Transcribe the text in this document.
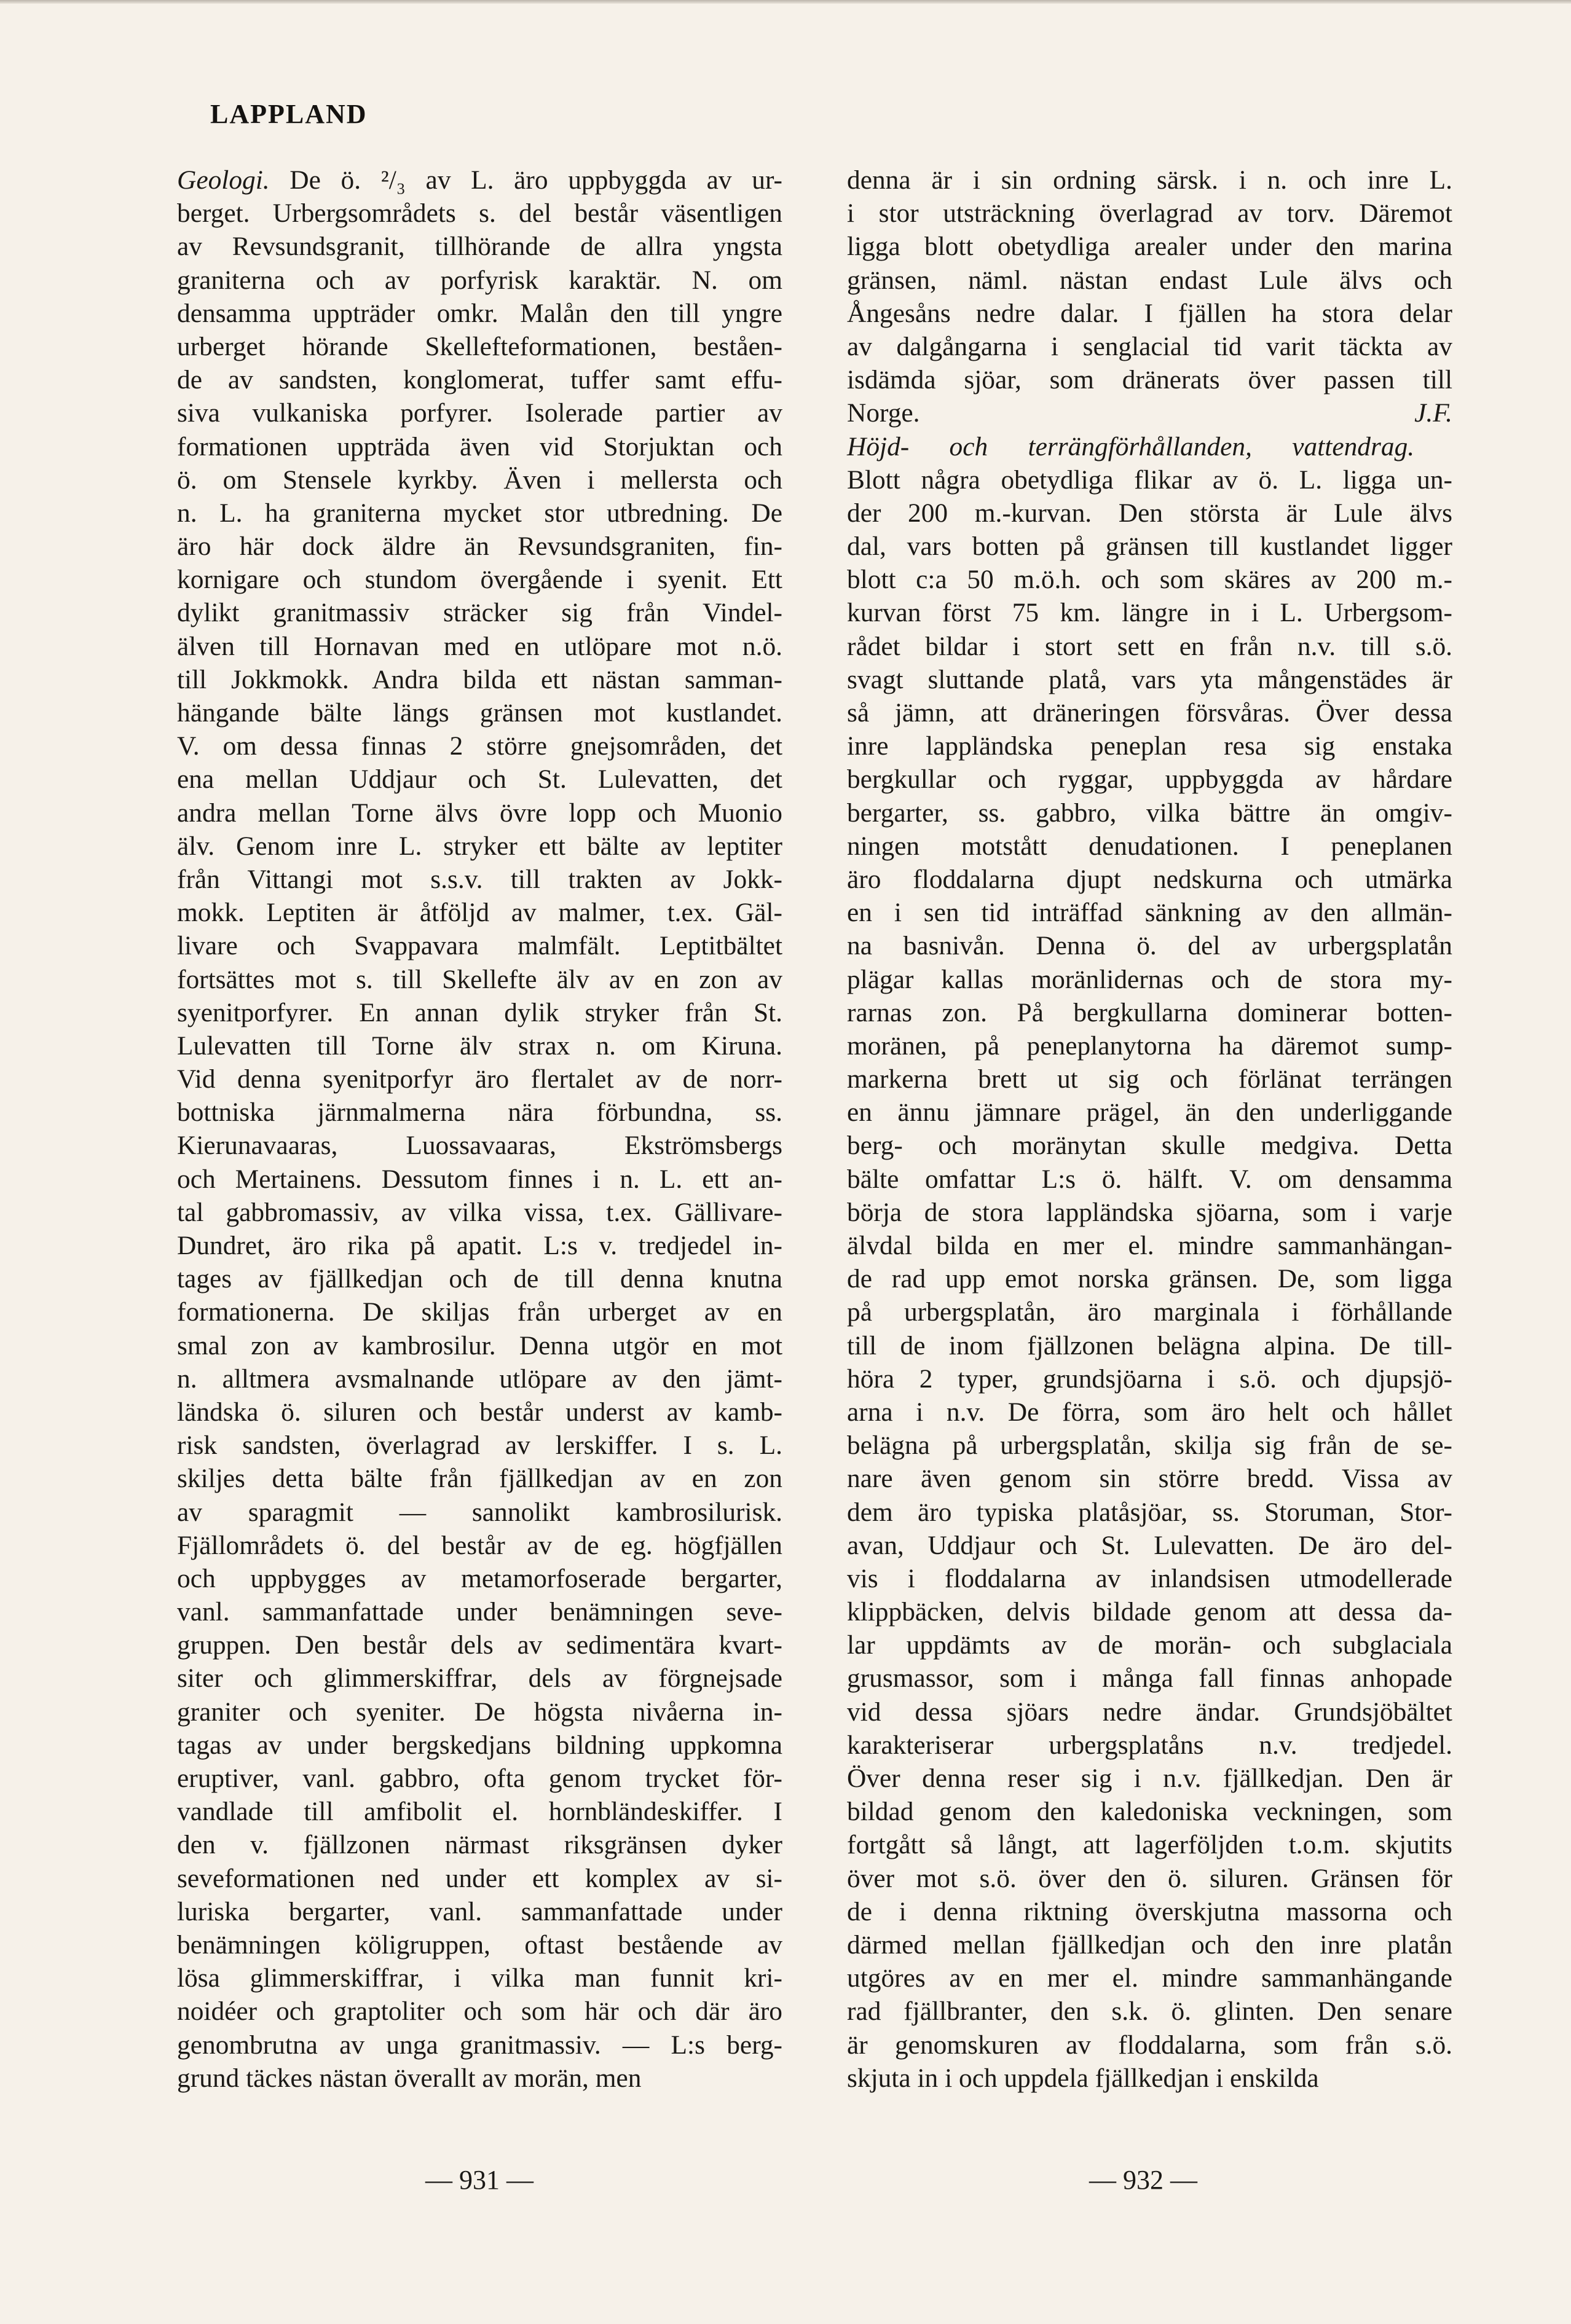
LAPPLAND
Geologi. De ö. ²/₃ av L. äro uppbyggda av ur-
berget. Urbergsområdets s. del består väsentligen
av Revsundsgranit, tillhörande de allra yngsta
graniterna och av porfyrisk karaktär. N. om
densamma uppträder omkr. Malån den till yngre
urberget hörande Skellefteformationen, beståen-
de av sandsten, konglomerat, tuffer samt effu-
siva vulkaniska porfyrer. Isolerade partier av
formationen uppträda även vid Storjuktan och
ö. om Stensele kyrkby. Även i mellersta och
n. L. ha graniterna mycket stor utbredning. De
äro här dock äldre än Revsundsgraniten, fin-
kornigare och stundom övergående i syenit. Ett
dylikt granitmassiv sträcker sig från Vindel-
älven till Hornavan med en utlöpare mot n.ö.
till Jokkmokk. Andra bilda ett nästan samman-
hängande bälte längs gränsen mot kustlandet.
V. om dessa finnas 2 större gnejsområden, det
ena mellan Uddjaur och St. Lulevatten, det
andra mellan Torne älvs övre lopp och Muonio
älv. Genom inre L. stryker ett bälte av leptiter
från Vittangi mot s.s.v. till trakten av Jokk-
mokk. Leptiten är åtföljd av malmer, t.ex. Gäl-
livare och Svappavara malmfält. Leptitbältet
fortsättes mot s. till Skellefte älv av en zon av
syenitporfyrer. En annan dylik stryker från St.
Lulevatten till Torne älv strax n. om Kiruna.
Vid denna syenitporfyr äro flertalet av de norr-
bottniska järnmalmerna nära förbundna, ss.
Kierunavaaras, Luossavaaras, Ekströmsbergs
och Mertainens. Dessutom finnes i n. L. ett an-
tal gabbromassiv, av vilka vissa, t.ex. Gällivare-
Dundret, äro rika på apatit. L:s v. tredjedel in-
tages av fjällkedjan och de till denna knutna
formationerna. De skiljas från urberget av en
smal zon av kambrosilur. Denna utgör en mot
n. alltmera avsmalnande utlöpare av den jämt-
ländska ö. siluren och består underst av kamb-
risk sandsten, överlagrad av lerskiffer. I s. L.
skiljes detta bälte från fjällkedjan av en zon
av sparagmit — sannolikt kambrosilurisk.
Fjällområdets ö. del består av de eg. högfjällen
och uppbygges av metamorfoserade bergarter,
vanl. sammanfattade under benämningen seve-
gruppen. Den består dels av sedimentära kvart-
siter och glimmerskiffrar, dels av förgnejsade
graniter och syeniter. De högsta nivåerna in-
tagas av under bergskedjans bildning uppkomna
eruptiver, vanl. gabbro, ofta genom trycket för-
vandlade till amfibolit el. hornbländeskiffer. I
den v. fjällzonen närmast riksgränsen dyker
seveformationen ned under ett komplex av si-
luriska bergarter, vanl. sammanfattade under
benämningen köligruppen, oftast bestående av
lösa glimmerskiffrar, i vilka man funnit kri-
noidéer och graptoliter och som här och där äro
genombrutna av unga granitmassiv. — L:s berg-
grund täckes nästan överallt av morän, men
denna är i sin ordning särsk. i n. och inre L.
i stor utsträckning överlagrad av torv. Däremot
ligga blott obetydliga arealer under den marina
gränsen, näml. nästan endast Lule älvs och
Ångesåns nedre dalar. I fjällen ha stora delar
av dalgångarna i senglacial tid varit täckta av
isdämda sjöar, som dränerats över passen till
Norge.	J.F.
Höjd- och terrängförhållanden, vattendrag.
Blott några obetydliga flikar av ö. L. ligga un-
der 200 m.-kurvan. Den största är Lule älvs
dal, vars botten på gränsen till kustlandet ligger
blott c:a 50 m.ö.h. och som skäres av 200 m.-
kurvan först 75 km. längre in i L. Urbergsom-
rådet bildar i stort sett en från n.v. till s.ö.
svagt sluttande platå, vars yta mångenstädes är
så jämn, att dräneringen försvåras. Över dessa
inre lappländska peneplan resa sig enstaka
bergkullar och ryggar, uppbyggda av hårdare
bergarter, ss. gabbro, vilka bättre än omgiv-
ningen motstått denudationen. I peneplanen
äro floddalarna djupt nedskurna och utmärka
en i sen tid inträffad sänkning av den allmän-
na basnivån. Denna ö. del av urbergsplatån
plägar kallas moränlidernas och de stora my-
rarnas zon. På bergkullarna dominerar botten-
moränen, på peneplanytorna ha däremot sump-
markerna brett ut sig och förlänat terrängen
en ännu jämnare prägel, än den underliggande
berg- och moränytan skulle medgiva. Detta
bälte omfattar L:s ö. hälft. V. om densamma
börja de stora lappländska sjöarna, som i varje
älvdal bilda en mer el. mindre sammanhängan-
de rad upp emot norska gränsen. De, som ligga
på urbergsplatån, äro marginala i förhållande
till de inom fjällzonen belägna alpina. De till-
höra 2 typer, grundsjöarna i s.ö. och djupsjö-
arna i n.v. De förra, som äro helt och hållet
belägna på urbergsplatån, skilja sig från de se-
nare även genom sin större bredd. Vissa av
dem äro typiska platåsjöar, ss. Storuman, Stor-
avan, Uddjaur och St. Lulevatten. De äro del-
vis i floddalarna av inlandsisen utmodellerade
klippbäcken, delvis bildade genom att dessa da-
lar uppdämts av de morän- och subglaciala
grusmassor, som i många fall finnas anhopade
vid dessa sjöars nedre ändar. Grundsjöbältet
karakteriserar urbergsplatåns n.v. tredjedel.
Över denna reser sig i n.v. fjällkedjan. Den är
bildad genom den kaledoniska veckningen, som
fortgått så långt, att lagerföljden t.o.m. skjutits
över mot s.ö. över den ö. siluren. Gränsen för
de i denna riktning överskjutna massorna och
därmed mellan fjällkedjan och den inre platån
utgöres av en mer el. mindre sammanhängande
rad fjällbranter, den s.k. ö. glinten. Den senare
är genomskuren av floddalarna, som från s.ö.
skjuta in i och uppdela fjällkedjan i enskilda
— 931 —	— 932 —
